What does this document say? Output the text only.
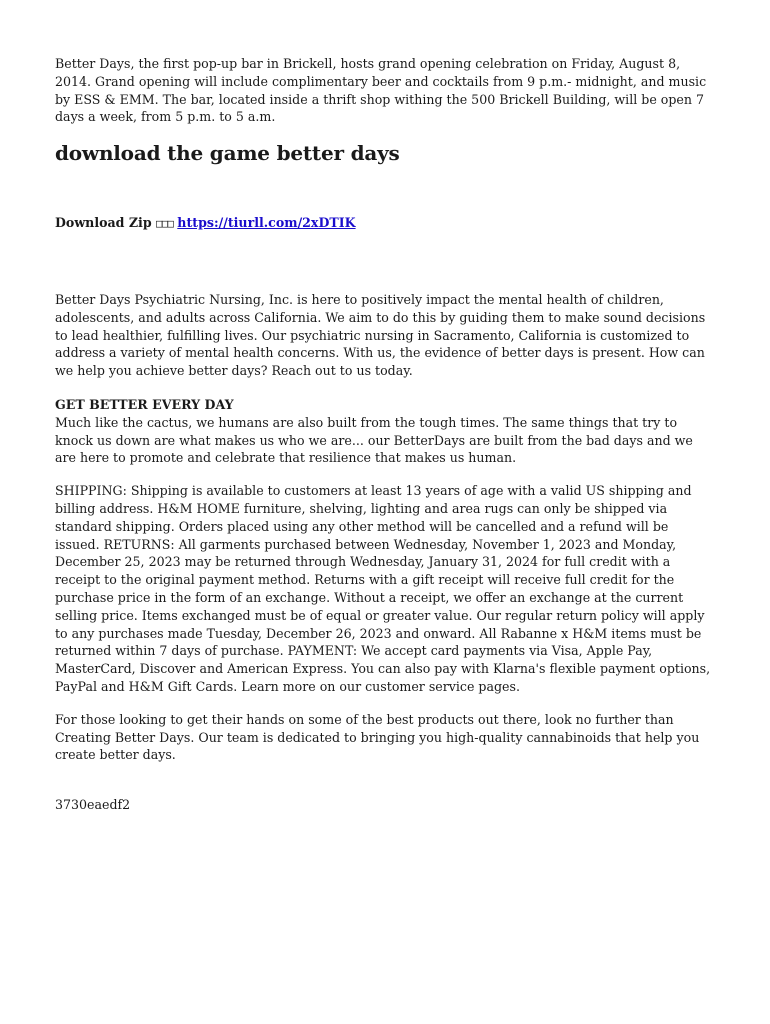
Better Days, the first pop-up bar in Brickell, hosts grand opening celebration on Friday, August 8, 2014. Grand opening will include complimentary beer and cocktails from 9 p.m.- midnight, and music by ESS & EMM. The bar, located inside a thrift shop withing the 500 Brickell Building, will be open 7 days a week, from 5 p.m. to 5 a.m.

download the game better days

Download Zip □□□ https://tiurll.com/2xDTIK

Better Days Psychiatric Nursing, Inc. is here to positively impact the mental health of children, adolescents, and adults across California. We aim to do this by guiding them to make sound decisions to lead healthier, fulfilling lives. Our psychiatric nursing in Sacramento, California is customized to address a variety of mental health concerns. With us, the evidence of better days is present. How can we help you achieve better days? Reach out to us today.

GET BETTER EVERY DAY

Much like the cactus, we humans are also built from the tough times. The same things that try to knock us down are what makes us who we are... our BetterDays are built from the bad days and we are here to promote and celebrate that resilience that makes us human.

SHIPPING: Shipping is available to customers at least 13 years of age with a valid US shipping and billing address. H&M HOME furniture, shelving, lighting and area rugs can only be shipped via standard shipping. Orders placed using any other method will be cancelled and a refund will be issued. RETURNS: All garments purchased between Wednesday, November 1, 2023 and Monday, December 25, 2023 may be returned through Wednesday, January 31, 2024 for full credit with a receipt to the original payment method. Returns with a gift receipt will receive full credit for the purchase price in the form of an exchange. Without a receipt, we offer an exchange at the current selling price. Items exchanged must be of equal or greater value. Our regular return policy will apply to any purchases made Tuesday, December 26, 2023 and onward. All Rabanne x H&M items must be returned within 7 days of purchase. PAYMENT: We accept card payments via Visa, Apple Pay, MasterCard, Discover and American Express. You can also pay with Klarna's flexible payment options, PayPal and H&M Gift Cards. Learn more on our customer service pages.

For those looking to get their hands on some of the best products out there, look no further than Creating Better Days. Our team is dedicated to bringing you high-quality cannabinoids that help you create better days.

3730eaedf2
